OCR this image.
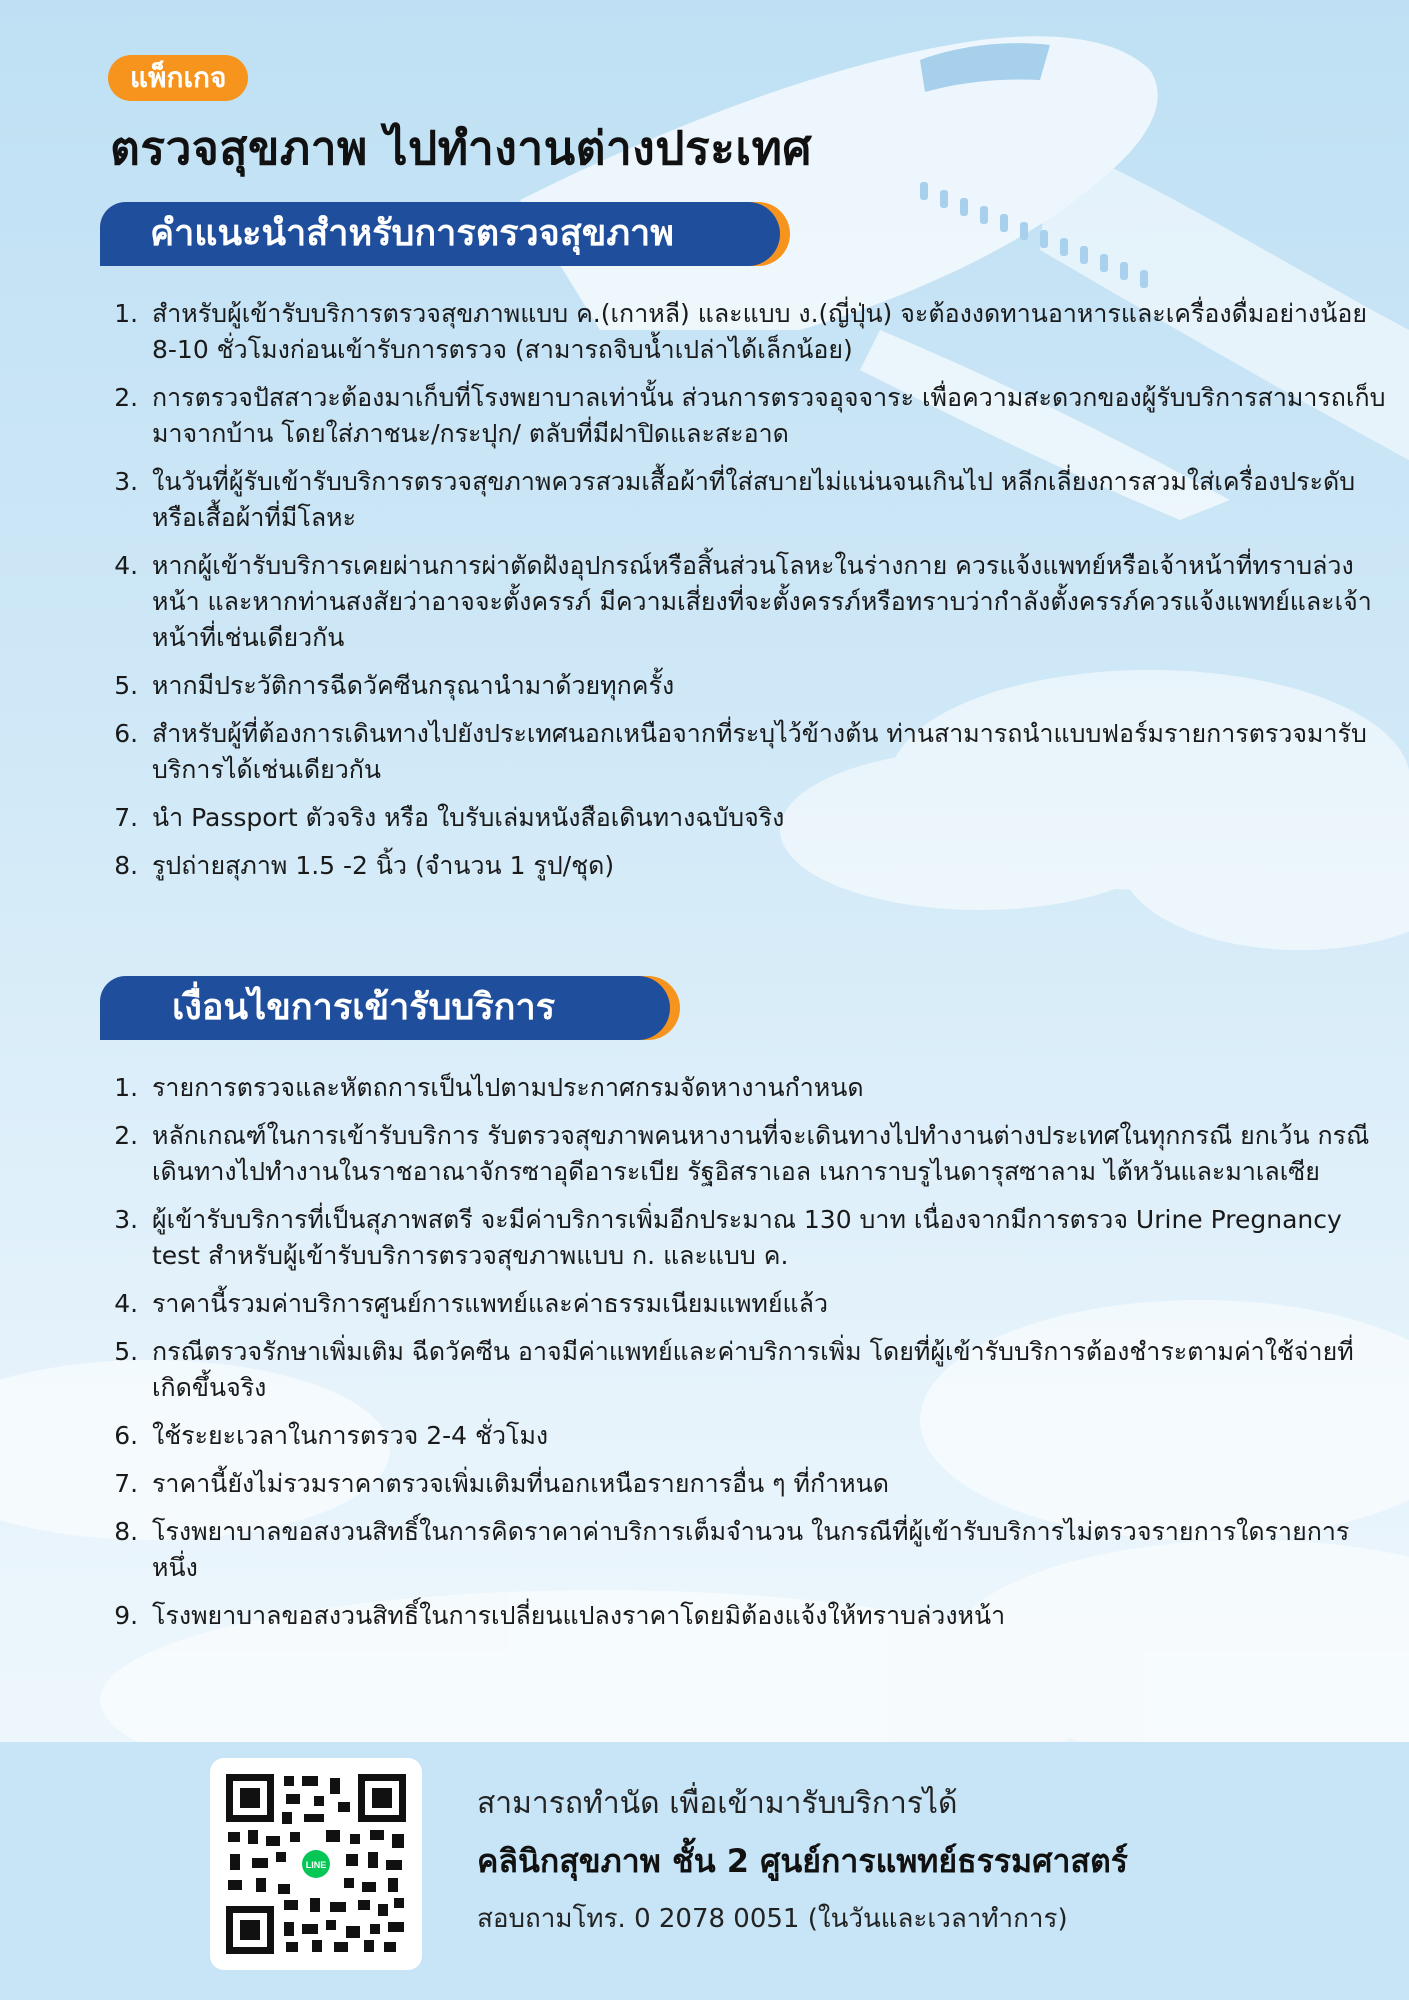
แพ็กเกจ
ตรวจสุขภาพ ไปทำงานต่างประเทศ
คำแนะนำสำหรับการตรวจสุขภาพ
1. สำหรับผู้เข้ารับบริการตรวจสุขภาพแบบ ค.(เกาหลี) และแบบ ง.(ญี่ปุ่น) จะต้องงดทานอาหารและเครื่องดื่มอย่างน้อย 8-10 ชั่วโมงก่อนเข้ารับการตรวจ (สามารถจิบน้ำเปล่าได้เล็กน้อย)
2. การตรวจปัสสาวะต้องมาเก็บที่โรงพยาบาลเท่านั้น ส่วนการตรวจอุจจาระ เพื่อความสะดวกของผู้รับบริการสามารถเก็บมาจากบ้าน โดยใส่ภาชนะ/กระปุก/ ตลับที่มีฝาปิดและสะอาด
3. ในวันที่ผู้รับเข้ารับบริการตรวจสุขภาพควรสวมเสื้อผ้าที่ใส่สบายไม่แน่นจนเกินไป หลีกเลี่ยงการสวมใส่เครื่องประดับหรือเสื้อผ้าที่มีโลหะ
4. หากผู้เข้ารับบริการเคยผ่านการผ่าตัดฝังอุปกรณ์หรือสิ้นส่วนโลหะในร่างกาย ควรแจ้งแพทย์หรือเจ้าหน้าที่ทราบล่วงหน้า และหากท่านสงสัยว่าอาจจะตั้งครรภ์ มีความเสี่ยงที่จะตั้งครรภ์หรือทราบว่ากำลังตั้งครรภ์ควรแจ้งแพทย์และเจ้าหน้าที่เช่นเดียวกัน
5. หากมีประวัติการฉีดวัคซีนกรุณานำมาด้วยทุกครั้ง
6. สำหรับผู้ที่ต้องการเดินทางไปยังประเทศนอกเหนือจากที่ระบุไว้ข้างต้น ท่านสามารถนำแบบฟอร์มรายการตรวจมารับบริการได้เช่นเดียวกัน
7. นำ Passport ตัวจริง หรือ ใบรับเล่มหนังสือเดินทางฉบับจริง
8. รูปถ่ายสุภาพ 1.5 -2 นิ้ว (จำนวน 1 รูป/ชุด)
เงื่อนไขการเข้ารับบริการ
1. รายการตรวจและหัตถการเป็นไปตามประกาศกรมจัดหางานกำหนด
2. หลักเกณฑ์ในการเข้ารับบริการ รับตรวจสุขภาพคนหางานที่จะเดินทางไปทำงานต่างประเทศในทุกกรณี ยกเว้น กรณีเดินทางไปทำงานในราชอาณาจักรซาอุดีอาระเบีย รัฐอิสราเอล เนการาบรูไนดารุสซาลาม ไต้หวันและมาเลเซีย
3. ผู้เข้ารับบริการที่เป็นสุภาพสตรี จะมีค่าบริการเพิ่มอีกประมาณ 130 บาท เนื่องจากมีการตรวจ Urine Pregnancy test สำหรับผู้เข้ารับบริการตรวจสุขภาพแบบ ก. และแบบ ค.
4. ราคานี้รวมค่าบริการศูนย์การแพทย์และค่าธรรมเนียมแพทย์แล้ว
5. กรณีตรวจรักษาเพิ่มเติม ฉีดวัคซีน อาจมีค่าแพทย์และค่าบริการเพิ่ม โดยที่ผู้เข้ารับบริการต้องชำระตามค่าใช้จ่ายที่เกิดขึ้นจริง
6. ใช้ระยะเวลาในการตรวจ 2-4 ชั่วโมง
7. ราคานี้ยังไม่รวมราคาตรวจเพิ่มเติมที่นอกเหนือรายการอื่น ๆ ที่กำหนด
8. โรงพยาบาลขอสงวนสิทธิ์ในการคิดราคาค่าบริการเต็มจำนวน ในกรณีที่ผู้เข้ารับบริการไม่ตรวจรายการใดรายการหนึ่ง
9. โรงพยาบาลขอสงวนสิทธิ์ในการเปลี่ยนแปลงราคาโดยมิต้องแจ้งให้ทราบล่วงหน้า
LINE
สามารถทำนัด เพื่อเข้ามารับบริการได้
คลินิกสุขภาพ ชั้น 2 ศูนย์การแพทย์ธรรมศาสตร์
สอบถามโทร. 0 2078 0051 (ในวันและเวลาทำการ)
